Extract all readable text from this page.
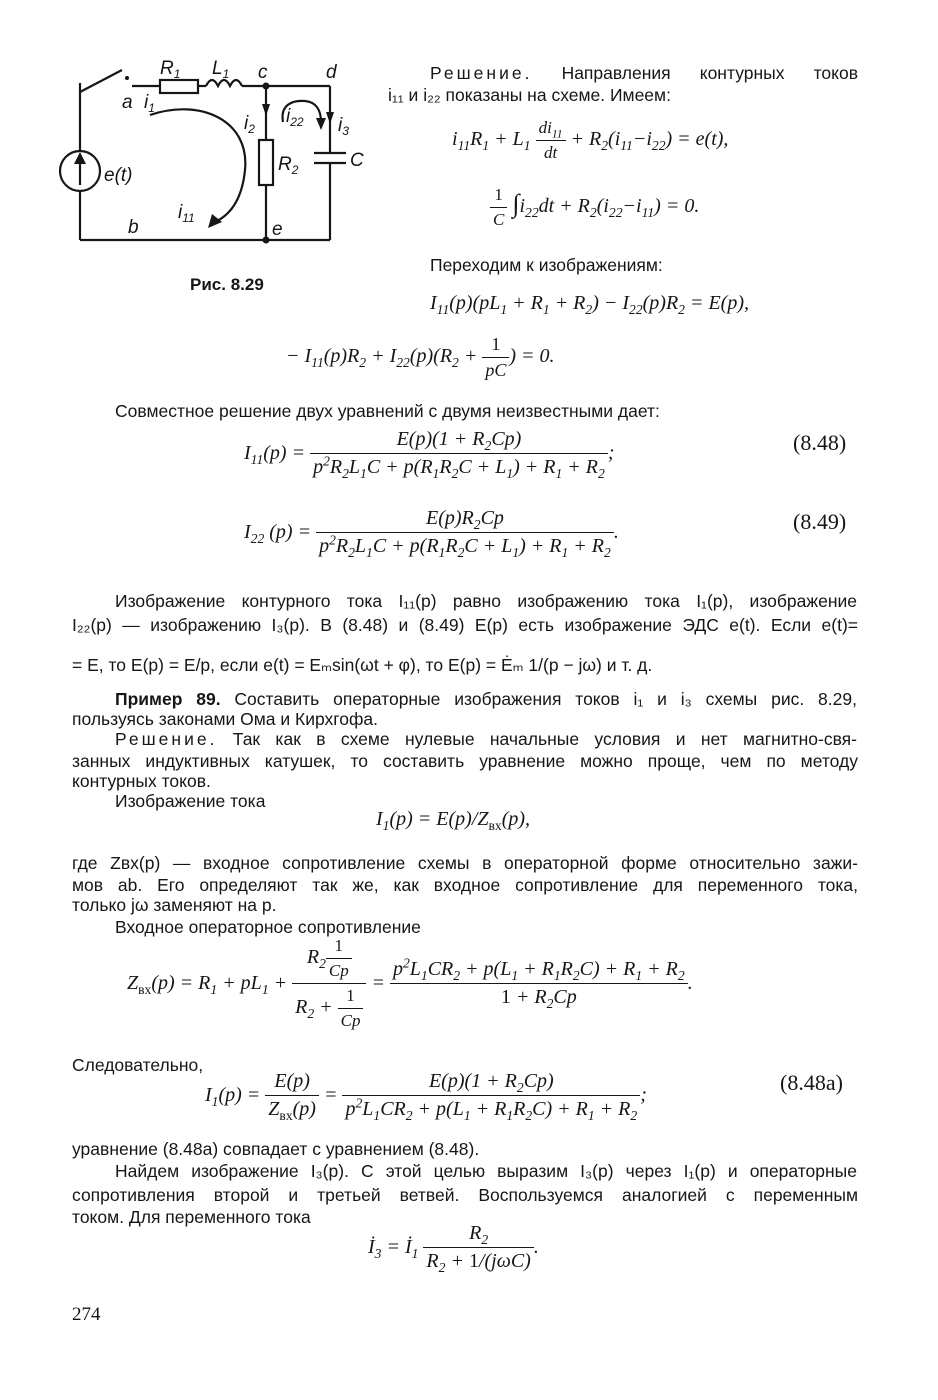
$R_1$ $L_1$ c	d
a $i_1$
e(t)
b	e
$i_2$
$i_{22}$ $i_3$
$R_2$	C
$i_{11}$
Рис. 8.29
Решение. Направления контурных токов
i₁₁ и i₂₂ показаны на схеме. Имеем:
$i_{11}R_1 + L_1 \frac{di_{11}}{dt} + R_2(i_{11}-i_{22}) = e(t)$,
$\frac{1}{C} \int i_{22}dt + R_2(i_{22}-i_{11}) = 0$.
Переходим к изображениям:
$I_{11}(p)(pL_1 + R_1 + R_2) - I_{22}(p)R_2 = E(p)$,
− $I_{11}(p)R_2 + I_{22}(p)(R_2 + \frac{1}{pC}$ ) = 0.
Совместное решение двух уравнений с двумя неизвестными дает:
$I_{11}(p) = \frac{E(p)(1 + R_2Cp)}{p^2R_2L_1C + p(R_1R_2C + L_1) + R_1 + R_2}$ ;	(8.48)
$I_{22}$ $(p) = \frac{E(p)R_2Cp}{p^2R_2L_1C + p(R_1R_2C + L_1) + R_1 + R_2}$ .	(8.49)
Изображение контурного тока I₁₁(p) равно изображению тока I₁(p), изображение
I₂₂(p) — изображению I₃(p). В (8.48) и (8.49) E(p) есть изображение ЭДС e(t). Если e(t)=
= E, то E(p) = E/p, если e(t) = Eₘsin(ωt + φ), то E(p) = Ėₘ 1/(p − jω) и т. д.
Пример 89. Составить операторные изображения токов i₁ и i₃ схемы рис. 8.29,
пользуясь законами Ома и Кирхгофа.
Решение. Так как в схеме нулевые начальные условия и нет магнитно-свя-
занных индуктивных катушек, то составить уравнение можно проще, чем по методу
контурных токов.
Изображение тока
$I_1(p) = E(p)/Z_{вх}(p)$,
где Zвх(p) — входное сопротивление схемы в операторной форме относительно зажи-
мов ab. Его определяют так же, как входное сопротивление для переменного тока,
только jω заменяют на p.
Входное операторное сопротивление
$Z_{вх}(p) = R_1 + pL_1 + \frac{R_2 \frac{1}{Cp}}{R_2 + \frac{1}{Cp}} = \frac{p^2L_1CR_2 + p(L_1 + R_1R_2C) + R_1 + R_2}{1 + R_2Cp}$ .
Следовательно,
$I_1(p) = \frac{E(p)}{Z_{вх}(p)} = \frac{E(p)(1 + R_2Cp)}{p^2L_1CR_2 + p(L_1 + R_1R_2C) + R_1 + R_2}$ ;	(8.48a)
уравнение (8.48a) совпадает с уравнением (8.48).
Найдем изображение I₃(p). С этой целью выразим I₃(p) через I₁(p) и операторные
сопротивления второй и третьей ветвей. Воспользуемся аналогией с переменным
током. Для переменного тока
$İ_3$ = $İ_1 \frac{R_2}{R_2 + 1/(j\omega C)}$ .
274
